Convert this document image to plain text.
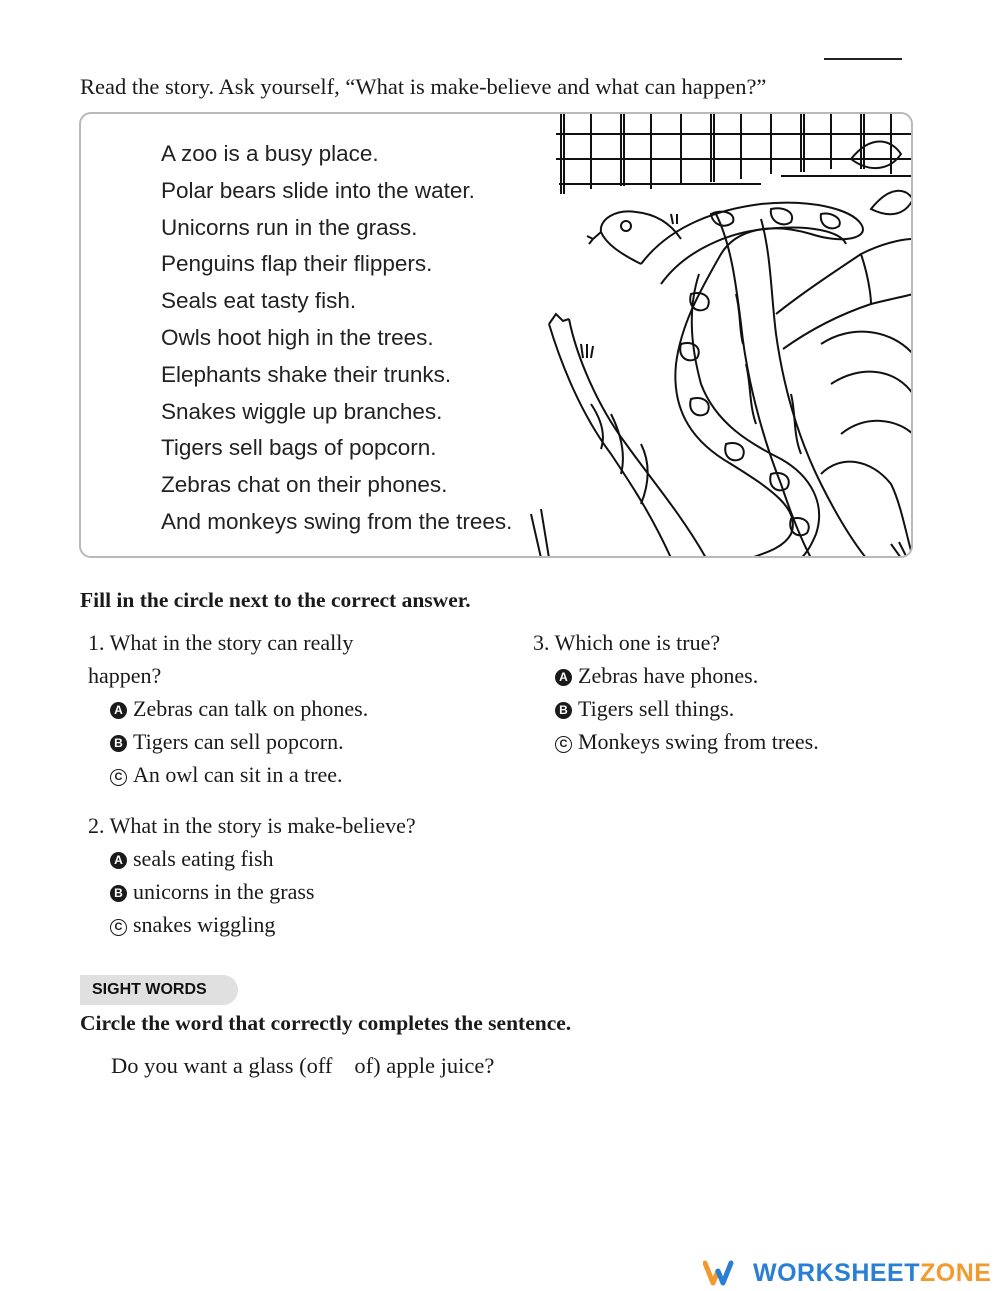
Read the story. Ask yourself, “What is make-believe and what can happen?”
A zoo is a busy place.
Polar bears slide into the water.
Unicorns run in the grass.
Penguins flap their flippers.
Seals eat tasty fish.
Owls hoot high in the trees.
Elephants shake their trunks.
Snakes wiggle up branches.
Tigers sell bags of popcorn.
Zebras chat on their phones.
And monkeys swing from the trees.
Fill in the circle next to the correct answer.
1. What in the story can really happen?
A Zebras can talk on phones.
B Tigers can sell popcorn.
C An owl can sit in a tree.
2. What in the story is make-believe?
A seals eating fish
B unicorns in the grass
C snakes wiggling
3. Which one is true?
A Zebras have phones.
B Tigers sell things.
C Monkeys swing from trees.
SIGHT WORDS
Circle the word that correctly completes the sentence.
Do you want a glass (off of) apple juice?
WORKSHEETZONE
